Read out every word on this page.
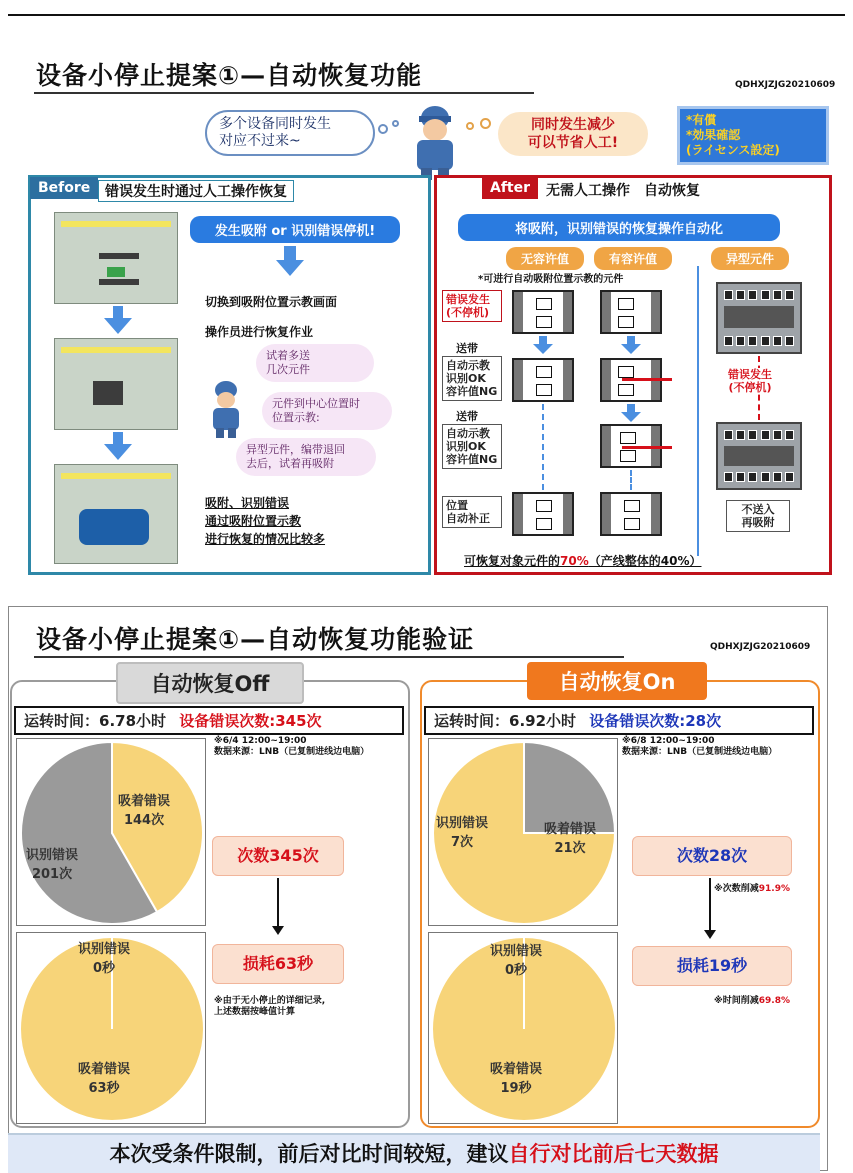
设备小停止提案①—自动恢复功能	QDHXJZJG20210609
多个设备同时发生
对应不过来~
同时发生减少
可以节省人工!
*有償
*効果確認
(ライセンス設定)
Before	错误发生时通过人工操作恢复
发生吸附 or 识别错误停机!
切换到吸附位置示教画面
操作员进行恢复作业
试着多送
几次元件
元件到中心位置时
位置示教:
异型元件，编带退回
去后，试着再吸附
吸附、识别错误
通过吸附位置示教
进行恢复的情况比较多
After	无需人工操作　自动恢复
将吸附，识别错误的恢复操作自动化
无容许值	有容许值	异型元件
*可进行自动吸附位置示教的元件
错误发生
(不停机)
送带
自动示教
识别OK
容许值NG
送带
自动示教
识别OK
容许值NG
位置
自动补正
错误发生
(不停机)
不送入
再吸附
可恢复对象元件的70%（产线整体的40%）
设备小停止提案①—自动恢复功能验证	QDHXJZJG20210609
自动恢复Off
运转时间：6.78小时 设备错误次数:345次
※6/4 12:00~19:00
数据来源：LNB（已复制进线边电脑）
吸着错误
144次
识别错误
201次
识别错误
0秒
吸着错误
63秒
次数345次
损耗63秒
※由于无小停止的详细记录,
上述数据按峰值计算
自动恢复On
运转时间：6.92小时 设备错误次数:28次
※6/8 12:00~19:00
数据来源：LNB（已复制进线边电脑）
识别错误
7次
吸着错误
21次
识别错误
0秒
吸着错误
19秒
次数28次
※次数削减91.9%
损耗19秒
※时间削减69.8%
本次受条件限制，前后对比时间较短，建议自行对比前后七天数据
